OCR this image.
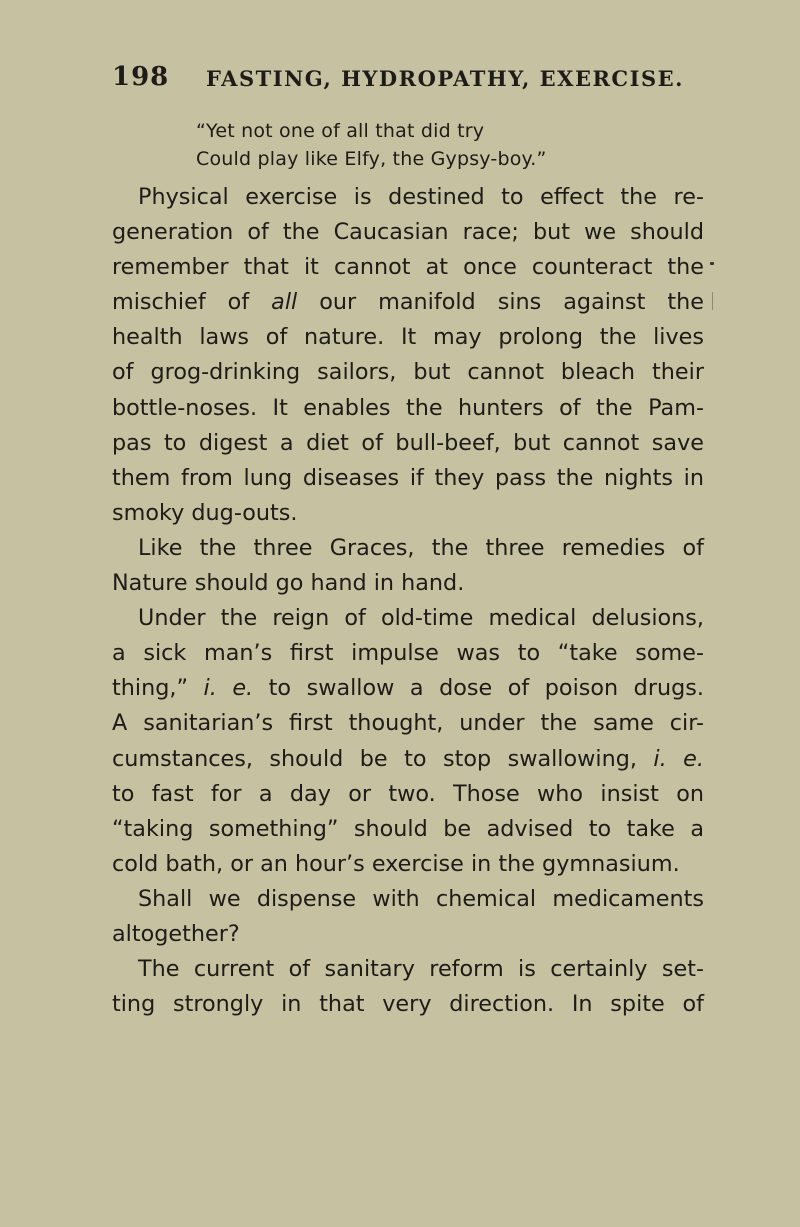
198 FASTING, HYDROPATHY, EXERCISE.
“Yet not one of all that did try
Could play like Elfy, the Gypsy-boy.”
Physical exercise is destined to effect the re-
generation of the Caucasian race; but we should
remember that it cannot at once counteract the
mischief of all our manifold sins against the
health laws of nature. It may prolong the lives
of grog-drinking sailors, but cannot bleach their
bottle-noses. It enables the hunters of the Pam-
pas to digest a diet of bull-beef, but cannot save
them from lung diseases if they pass the nights in
smoky dug-outs.
Like the three Graces, the three remedies of
Nature should go hand in hand.
Under the reign of old-time medical delusions,
a sick man’s first impulse was to “take some-
thing,” i. e. to swallow a dose of poison drugs.
A sanitarian’s first thought, under the same cir-
cumstances, should be to stop swallowing, i. e.
to fast for a day or two. Those who insist on
“taking something” should be advised to take a
cold bath, or an hour’s exercise in the gymnasium.
Shall we dispense with chemical medicaments
altogether?
The current of sanitary reform is certainly set-
ting strongly in that very direction. In spite of
